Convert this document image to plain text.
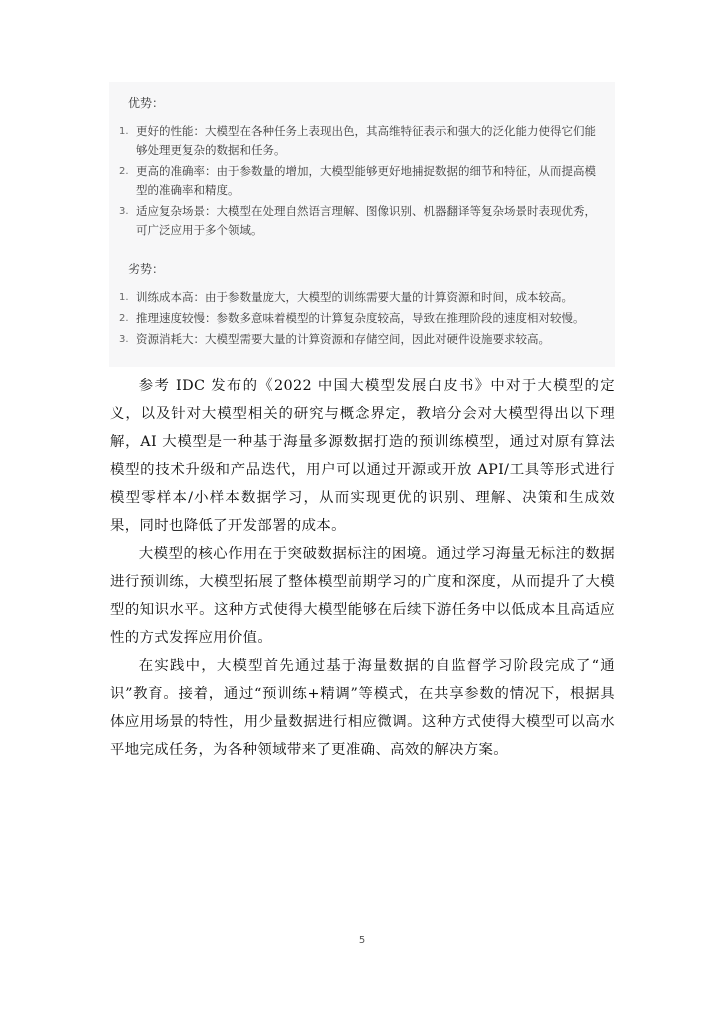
优势：
1. 更好的性能：大模型在各种任务上表现出色，其高维特征表示和强大的泛化能力使得它们能够处理更复杂的数据和任务。
2. 更高的准确率：由于参数量的增加，大模型能够更好地捕捉数据的细节和特征，从而提高模型的准确率和精度。
3. 适应复杂场景：大模型在处理自然语言理解、图像识别、机器翻译等复杂场景时表现优秀，可广泛应用于多个领域。
劣势：
1. 训练成本高：由于参数量庞大，大模型的训练需要大量的计算资源和时间，成本较高。
2. 推理速度较慢：参数多意味着模型的计算复杂度较高，导致在推理阶段的速度相对较慢。
3. 资源消耗大：大模型需要大量的计算资源和存储空间，因此对硬件设施要求较高。

参考 IDC 发布的《2022 中国大模型发展白皮书》中对于大模型的定义，以及针对大模型相关的研究与概念界定，教培分会对大模型得出以下理解，AI 大模型是一种基于海量多源数据打造的预训练模型，通过对原有算法模型的技术升级和产品迭代，用户可以通过开源或开放 API/工具等形式进行模型零样本/小样本数据学习，从而实现更优的识别、理解、决策和生成效果，同时也降低了开发部署的成本。

大模型的核心作用在于突破数据标注的困境。通过学习海量无标注的数据进行预训练，大模型拓展了整体模型前期学习的广度和深度，从而提升了大模型的知识水平。这种方式使得大模型能够在后续下游任务中以低成本且高适应性的方式发挥应用价值。

在实践中，大模型首先通过基于海量数据的自监督学习阶段完成了“通识”教育。接着，通过“预训练+精调”等模式，在共享参数的情况下，根据具体应用场景的特性，用少量数据进行相应微调。这种方式使得大模型可以高水平地完成任务，为各种领域带来了更准确、高效的解决方案。

5
